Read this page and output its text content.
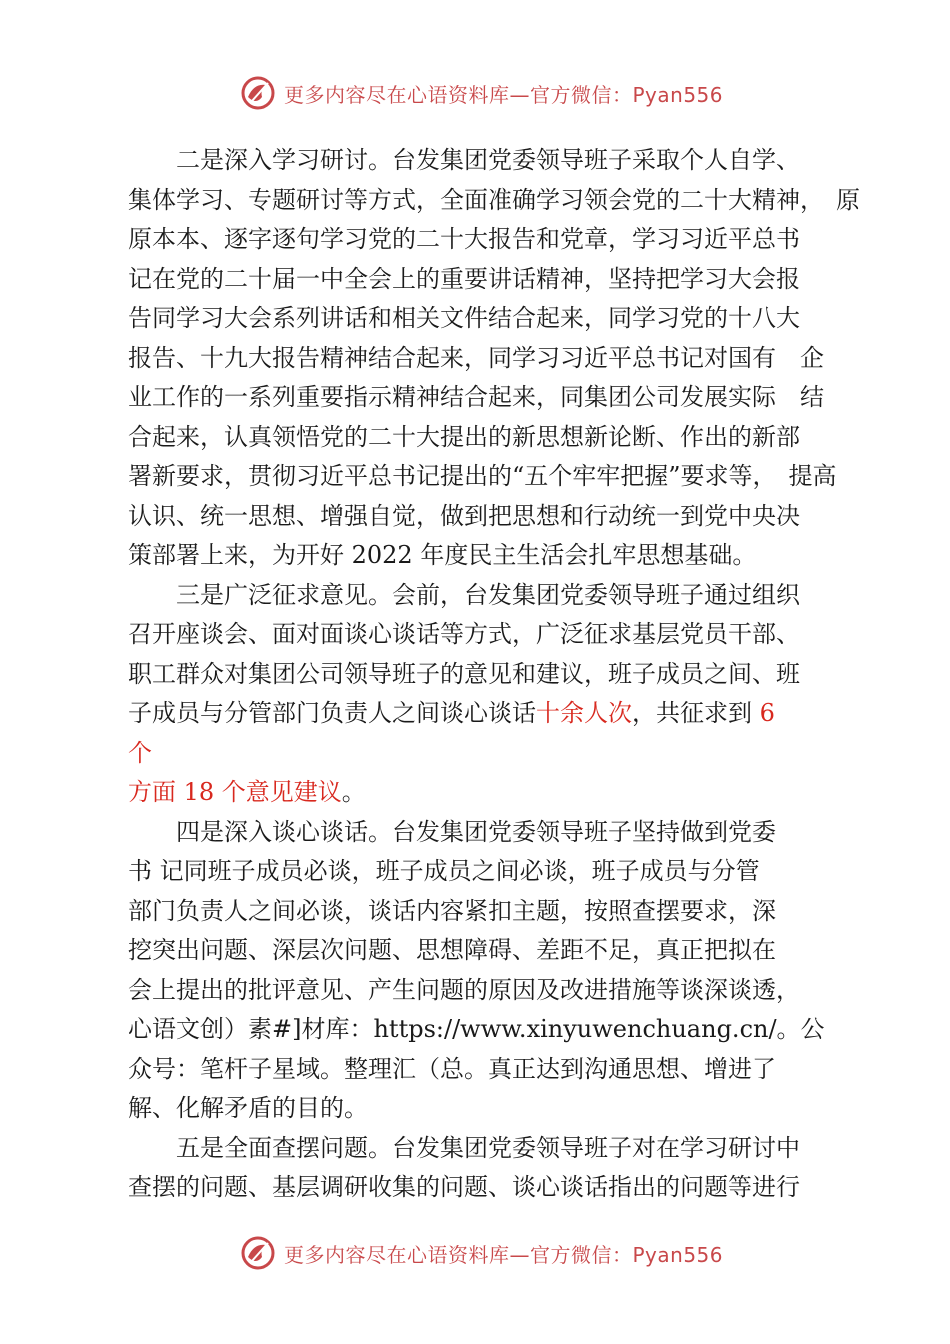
更多内容尽在心语资料库—官方微信：Pyan556
二是深入学习研讨。台发集团党委领导班子采取个人自学、
集体学习、专题研讨等方式，全面准确学习领会党的二十大精神，　原
原本本、逐字逐句学习党的二十大报告和党章，学习习近平总书
记在党的二十届一中全会上的重要讲话精神，坚持把学习大会报
告同学习大会系列讲话和相关文件结合起来，同学习党的十八大
报告、十九大报告精神结合起来，同学习习近平总书记对国有　企
业工作的一系列重要指示精神结合起来，同集团公司发展实际　结
合起来，认真领悟党的二十大提出的新思想新论断、作出的新部
署新要求，贯彻习近平总书记提出的“五个牢牢把握”要求等，　提高
认识、统一思想、增强自觉，做到把思想和行动统一到党中央决
策部署上来，为开好 2022 年度民主生活会扎牢思想基础。
三是广泛征求意见。会前，台发集团党委领导班子通过组织
召开座谈会、面对面谈心谈话等方式，广泛征求基层党员干部、
职工群众对集团公司领导班子的意见和建议，班子成员之间、班
子成员与分管部门负责人之间谈心谈话十余人次，共征求到 6
个
方面 18 个意见建议。
四是深入谈心谈话。台发集团党委领导班子坚持做到党委
书 记同班子成员必谈，班子成员之间必谈，班子成员与分管
部门负责人之间必谈，谈话内容紧扣主题，按照查摆要求，深
挖突出问题、深层次问题、思想障碍、差距不足，真正把拟在
会上提出的批评意见、产生问题的原因及改进措施等谈深谈透，
心语文创）素#]材库：https://www.xinyuwenchuang.cn/。公
众号：笔杆子星域。整理汇（总。真正达到沟通思想、增进了
解、化解矛盾的目的。
五是全面查摆问题。台发集团党委领导班子对在学习研讨中
查摆的问题、基层调研收集的问题、谈心谈话指出的问题等进行
更多内容尽在心语资料库—官方微信：Pyan556
